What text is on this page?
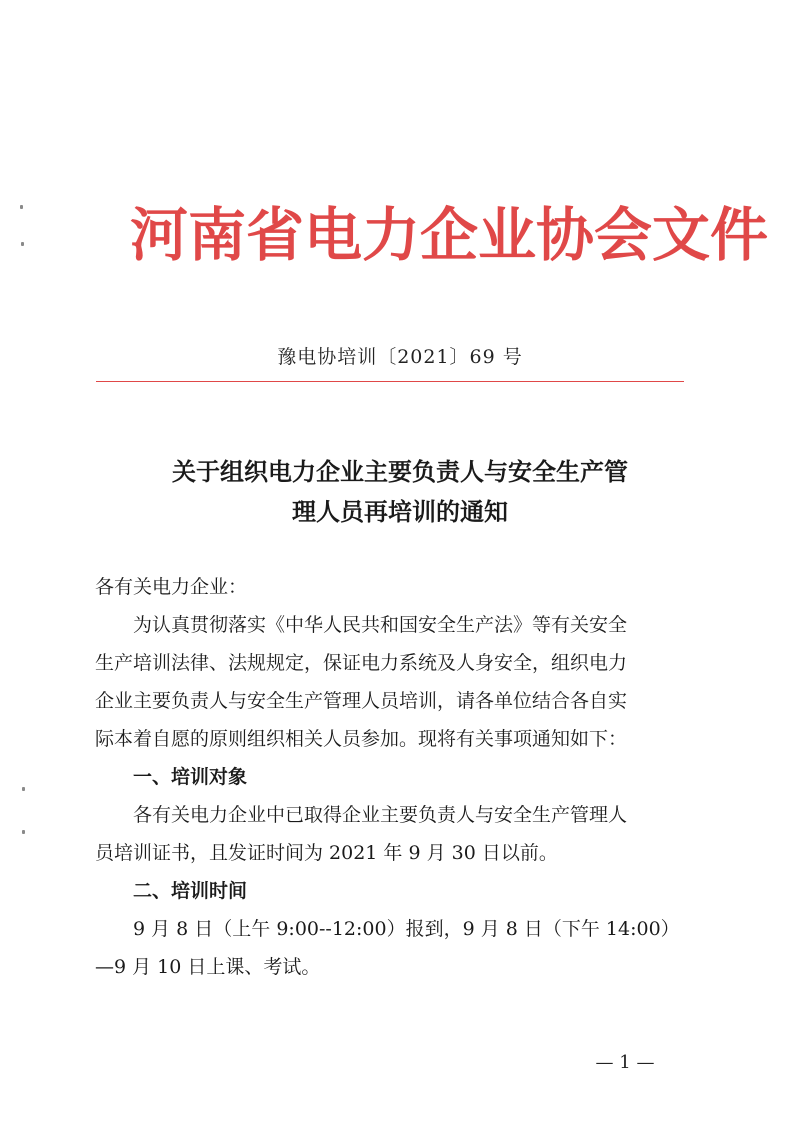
河南省电力企业协会文件
豫电协培训〔2021〕69 号
关于组织电力企业主要负责人与安全生产管
理人员再培训的通知
各有关电力企业：
为认真贯彻落实《中华人民共和国安全生产法》等有关安全
生产培训法律、法规规定，保证电力系统及人身安全，组织电力
企业主要负责人与安全生产管理人员培训，请各单位结合各自实
际本着自愿的原则组织相关人员参加。现将有关事项通知如下：
一、培训对象
各有关电力企业中已取得企业主要负责人与安全生产管理人
员培训证书，且发证时间为 2021 年 9 月 30 日以前。
二、培训时间
9 月 8 日（上午 9:00--12:00）报到，9 月 8 日（下午 14:00）
—9 月 10 日上课、考试。
— 1 —
